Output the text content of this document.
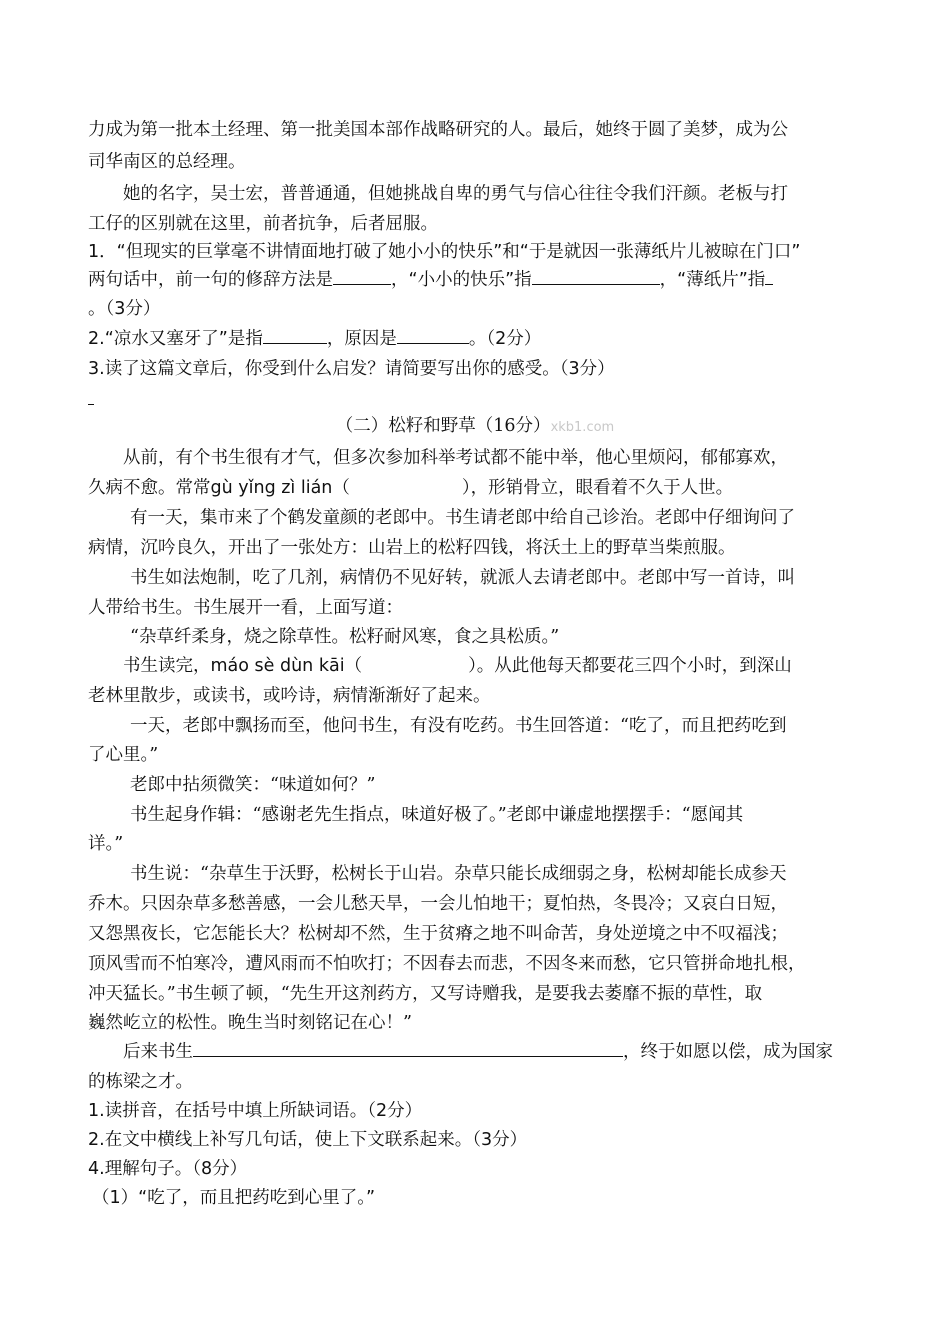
力成为第一批本土经理、第一批美国本部作战略研究的人。最后，她终于圆了美梦，成为公
司华南区的总经理。
她的名字，吴士宏，普普通通，但她挑战自卑的勇气与信心往往令我们汗颜。老板与打
工仔的区别就在这里，前者抗争，后者屈服。
1．“但现实的巨掌毫不讲情面地打破了她小小的快乐”和“于是就因一张薄纸片儿被晾在门口”
两句话中，前一句的修辞方法是	，“小小的快乐”指	，“薄纸片”指
。（3分）
2.“凉水又塞牙了”是指	，原因是	。（2分）
3.读了这篇文章后，你受到什么启发？请简要写出你的感受。（3分）
（二）松籽和野草（16分）xkb1.com
从前，有个书生很有才气，但多次参加科举考试都不能中举，他心里烦闷，郁郁寡欢，
久病不愈。常常gù yǐng zì lián（	），形销骨立，眼看着不久于人世。
有一天，集市来了个鹤发童颜的老郎中。书生请老郎中给自己诊治。老郎中仔细询问了
病情，沉吟良久，开出了一张处方：山岩上的松籽四钱，将沃土上的野草当柴煎服。
书生如法炮制，吃了几剂，病情仍不见好转，就派人去请老郎中。老郎中写一首诗，叫
人带给书生。书生展开一看，上面写道：
“杂草纤柔身，烧之除草性。松籽耐风寒，食之具松质。”
书生读完，máo sè dùn kāi（	）。从此他每天都要花三四个小时，到深山
老林里散步，或读书，或吟诗，病情渐渐好了起来。
一天，老郎中飘扬而至，他问书生，有没有吃药。书生回答道：“吃了，而且把药吃到
了心里。”
老郎中拈须微笑：“味道如何？”
书生起身作辑：“感谢老先生指点，味道好极了。”老郎中谦虚地摆摆手：“愿闻其
详。”
书生说：“杂草生于沃野，松树长于山岩。杂草只能长成细弱之身，松树却能长成参天
乔木。只因杂草多愁善感，一会儿愁天旱，一会儿怕地干；夏怕热，冬畏冷；又哀白日短，
又怨黑夜长，它怎能长大？松树却不然，生于贫瘠之地不叫命苦，身处逆境之中不叹福浅；
顶风雪而不怕寒冷，遭风雨而不怕吹打；不因春去而悲，不因冬来而愁，它只管拼命地扎根，
冲天猛长。”书生顿了顿，“先生开这剂药方，又写诗赠我，是要我去萎靡不振的草性，取
巍然屹立的松性。晚生当时刻铭记在心！”
后来书生	，终于如愿以偿，成为国家
的栋梁之才。
1.读拼音，在括号中填上所缺词语。（2分）
2.在文中横线上补写几句话，使上下文联系起来。（3分）
4.理解句子。（8分）
（1）“吃了，而且把药吃到心里了。”
